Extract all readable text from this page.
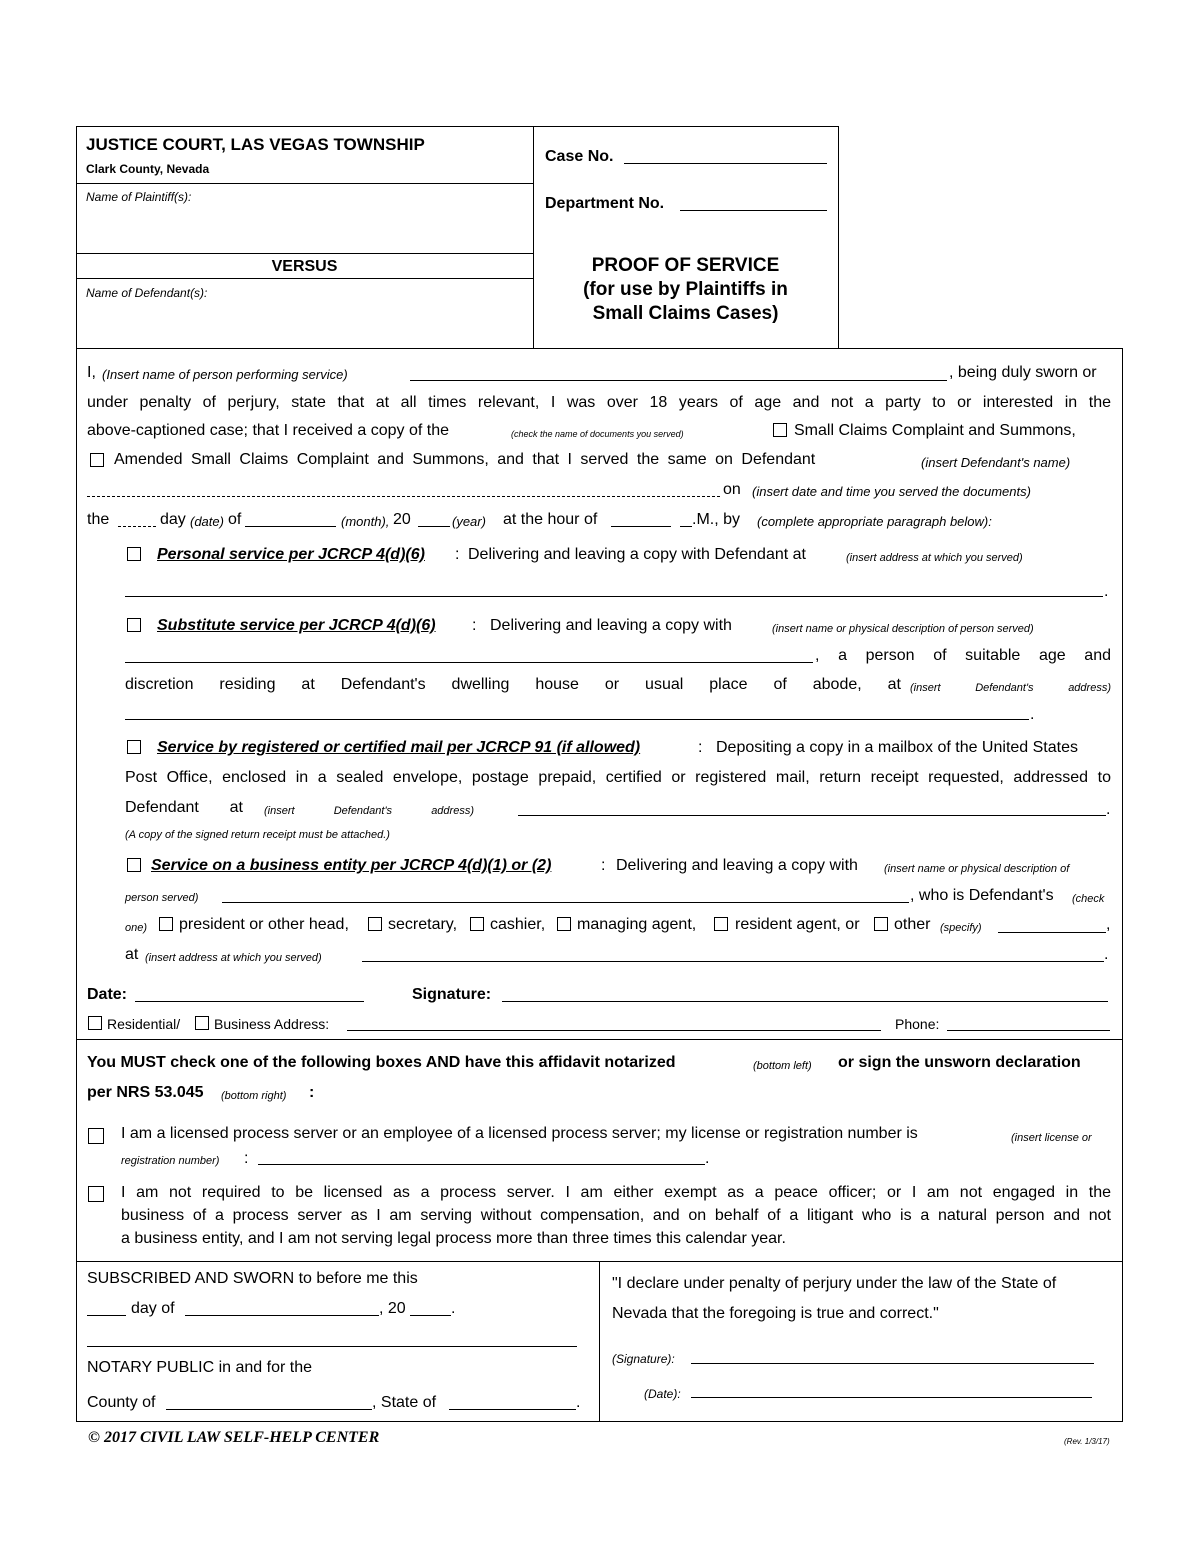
JUSTICE COURT, LAS VEGAS TOWNSHIP
Clark County, Nevada
Name of Plaintiff(s):
VERSUS
Name of Defendant(s):
Case No.
Department No.
PROOF OF SERVICE
(for use by Plaintiffs in
Small Claims Cases)
I, (Insert name of person performing service)	, being duly sworn or
under penalty of perjury, state that at all times relevant, I was over 18 years of age and not a party to or interested in the
above-captioned case; that I received a copy of the	(check the name of documents you served)	Small Claims Complaint and Summons,
Amended Small Claims Complaint and Summons, and that I served the same on Defendant	(insert Defendant's name)
on (insert date and time you served the documents)
the	day (date) of	(month), 20	(year) at the hour of	.M., by (complete appropriate paragraph below):
Personal service per JCRCP 4(d)(6) : Delivering and leaving a copy with Defendant at	(insert address at which you served)
.
Substitute service per JCRCP 4(d)(6) : Delivering and leaving a copy with	(insert name or physical description of person served)
, a person of suitable age and
discretion residing at Defendant's dwelling house or usual place of abode, at (insert Defendant's address)
.
Service by registered or certified mail per JCRCP 91 (if allowed)	: Depositing a copy in a mailbox of the United States
Post Office, enclosed in a sealed envelope, postage prepaid, certified or registered mail, return receipt requested, addressed to
Defendant at (insert Defendant's address)	.
(A copy of the signed return receipt must be attached.)
Service on a business entity per JCRCP 4(d)(1) or (2)	: Delivering and leaving a copy with (insert name or physical description of
person served)	, who is Defendant's (check
one) president or other head, secretary, cashier, managing agent, resident agent, or other (specify)	,
at (insert address at which you served)	.
Date:	Signature:
Residential/ Business Address:	Phone:
You MUST check one of the following boxes AND have this affidavit notarized	(bottom left) or sign the unsworn declaration
per NRS 53.045 (bottom right) :
I am a licensed process server or an employee of a licensed process server; my license or registration number is	(insert license or
registration number) :	.
I am not required to be licensed as a process server. I am either exempt as a peace officer; or I am not engaged in the
business of a process server as I am serving without compensation, and on behalf of a litigant who is a natural person and not
a business entity, and I am not serving legal process more than three times this calendar year.
SUBSCRIBED AND SWORN to before me this
day of	, 20	.
NOTARY PUBLIC in and for the
County of	, State of	.
"I declare under penalty of perjury under the law of the State of
Nevada that the foregoing is true and correct."
(Signature):
(Date):
© 2017 CIVIL LAW SELF-HELP CENTER	(Rev. 1/3/17)
